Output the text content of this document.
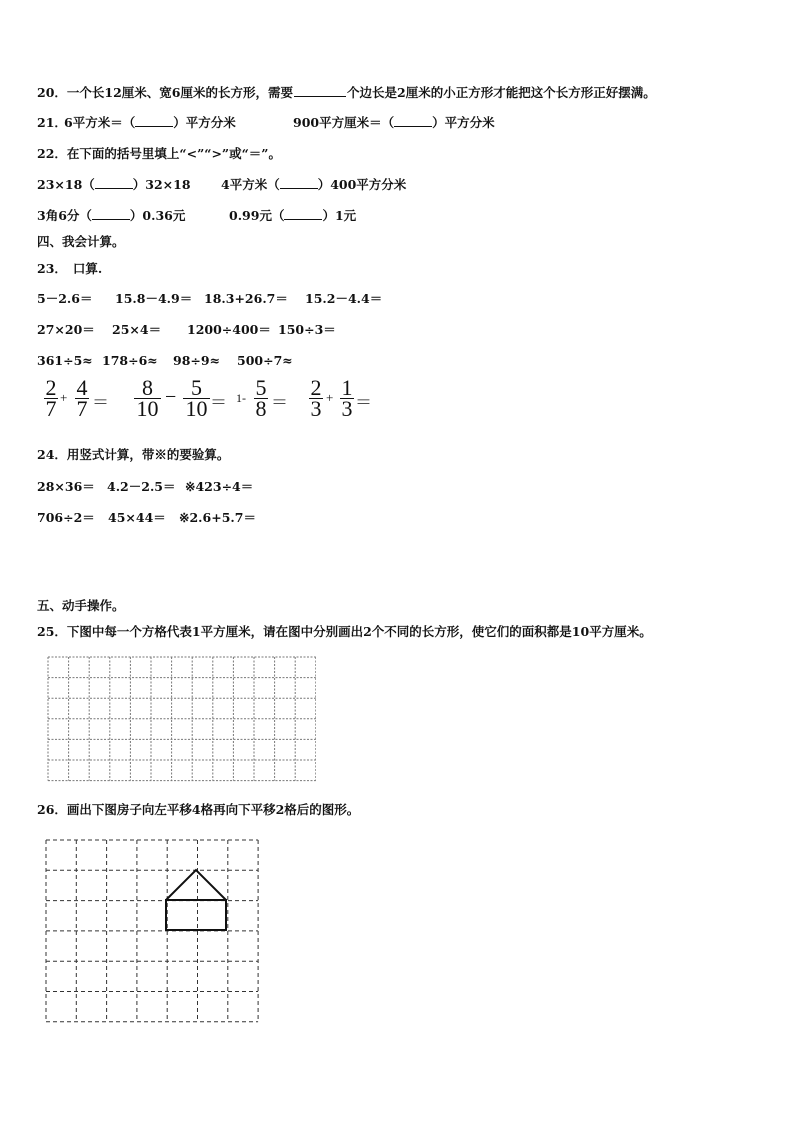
20．一个长12厘米、宽6厘米的长方形，需要	个边长是2厘米的小正方形才能把这个长方形正好摆满。
21．
6平方米＝（	）平方分米	900平方厘米＝（	）平方分米
22．在下面的括号里填上“<”“>”或“＝”。
23×18（	）32×18 4平方米（	）400平方分米
3角6分（	）0.36元	0.99元（	）1元
四、我会计算。
23． 口算.
5－2.6＝ 15.8－4.9＝ 18.3+26.7＝ 15.2－4.4＝
27×20＝ 25×4＝ 1200÷400＝ 150÷3＝
361÷5≈ 178÷6≈ 98÷9≈ 500÷7≈
2
7 + 4
7 ＝
8
10 − 5
10 ＝ 1- 5
8 ＝
2
3 + 1
3 ＝
24．用竖式计算，带※的要验算。
28×36＝ 4.2－2.5＝ ※423÷4＝
706÷2＝ 45×44＝ ※2.6+5.7＝
五、动手操作。
25．下图中每一个方格代表1平方厘米，请在图中分别画出2个不同的长方形，使它们的面积都是10平方厘米。
26．画出下图房子向左平移4格再向下平移2格后的图形。
